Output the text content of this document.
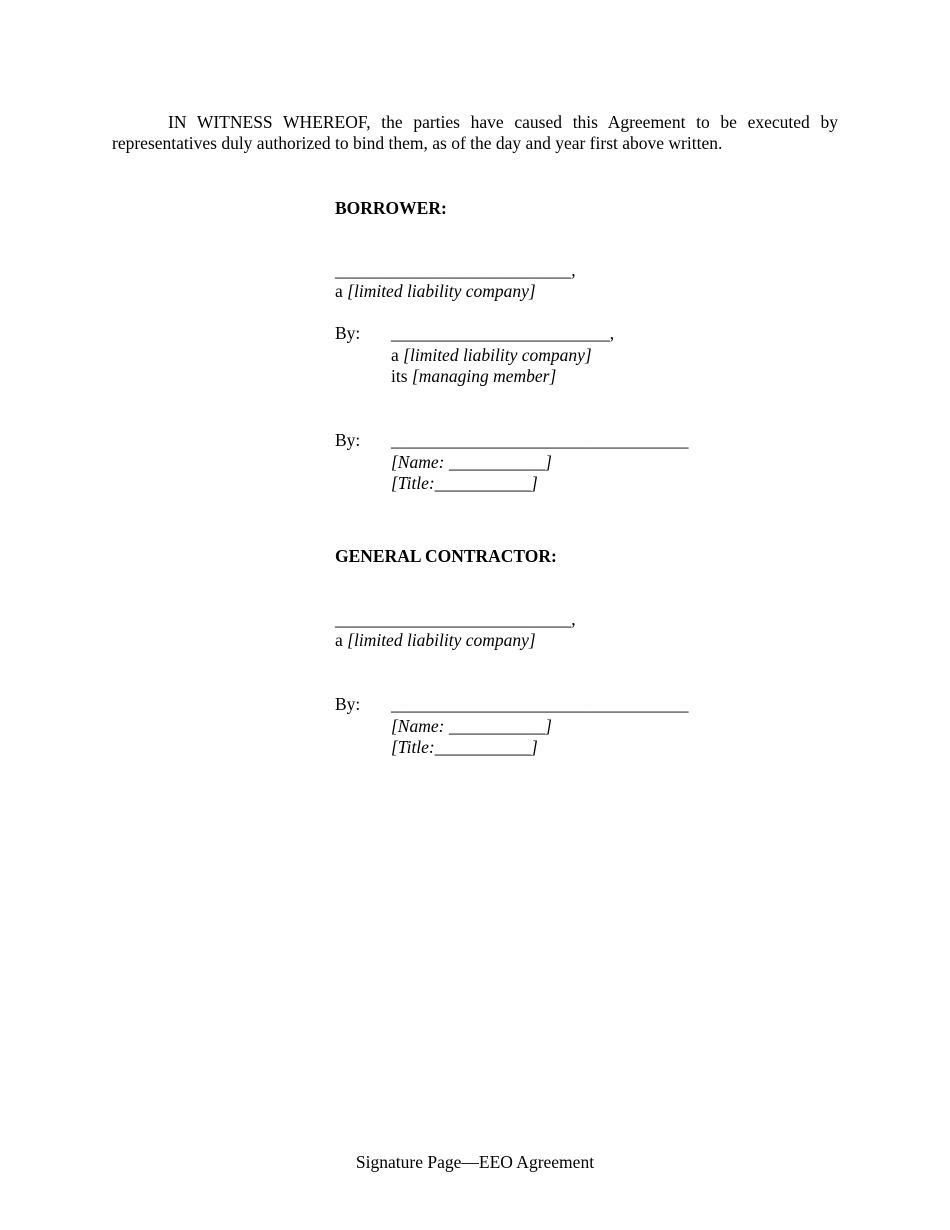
IN WITNESS WHEREOF, the parties have caused this Agreement to be executed by representatives duly authorized to bind them, as of the day and year first above written.
BORROWER:
___________________________,
a [limited liability company]
By: _________________________,
a [limited liability company]
its [managing member]
By: __________________________________
[Name: ___________]
[Title:___________]
GENERAL CONTRACTOR:
___________________________,
a [limited liability company]
By: __________________________________
[Name: ___________]
[Title:___________]
Signature Page—EEO Agreement
